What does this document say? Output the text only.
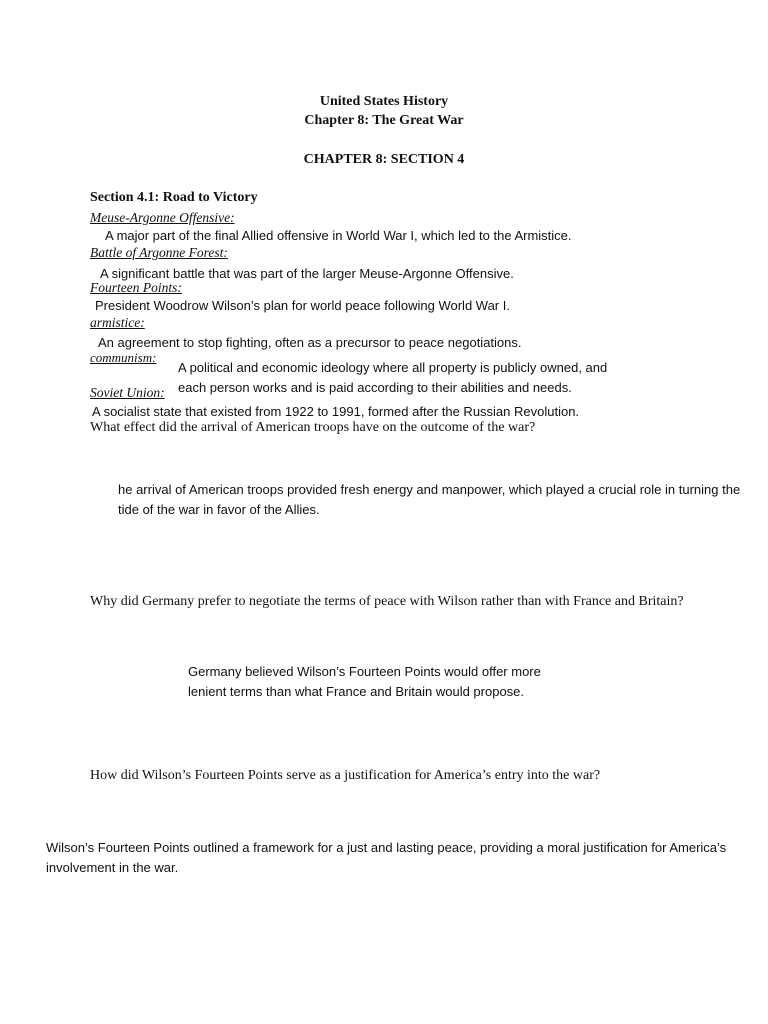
United States History
Chapter 8: The Great War
CHAPTER 8: SECTION 4
Section 4.1: Road to Victory
Meuse-Argonne Offensive:
A major part of the final Allied offensive in World War I, which led to the Armistice.
Battle of Argonne Forest:
A significant battle that was part of the larger Meuse-Argonne Offensive.
Fourteen Points:
President Woodrow Wilson’s plan for world peace following World War I.
armistice:
An agreement to stop fighting, often as a precursor to peace negotiations.
communism:
A political and economic ideology where all property is publicly owned, and
each person works and is paid according to their abilities and needs.
Soviet Union:
A socialist state that existed from 1922 to 1991, formed after the Russian Revolution.
What effect did the arrival of American troops have on the outcome of the war?
he arrival of American troops provided fresh energy and manpower, which played a crucial role in turning the tide of the war in favor of the Allies.
Why did Germany prefer to negotiate the terms of peace with Wilson rather than with France and Britain?
Germany believed Wilson’s Fourteen Points would offer more lenient terms than what France and Britain would propose.
How did Wilson’s Fourteen Points serve as a justification for America’s entry into the war?
Wilson’s Fourteen Points outlined a framework for a just and lasting peace, providing a moral justification for America’s involvement in the war.
